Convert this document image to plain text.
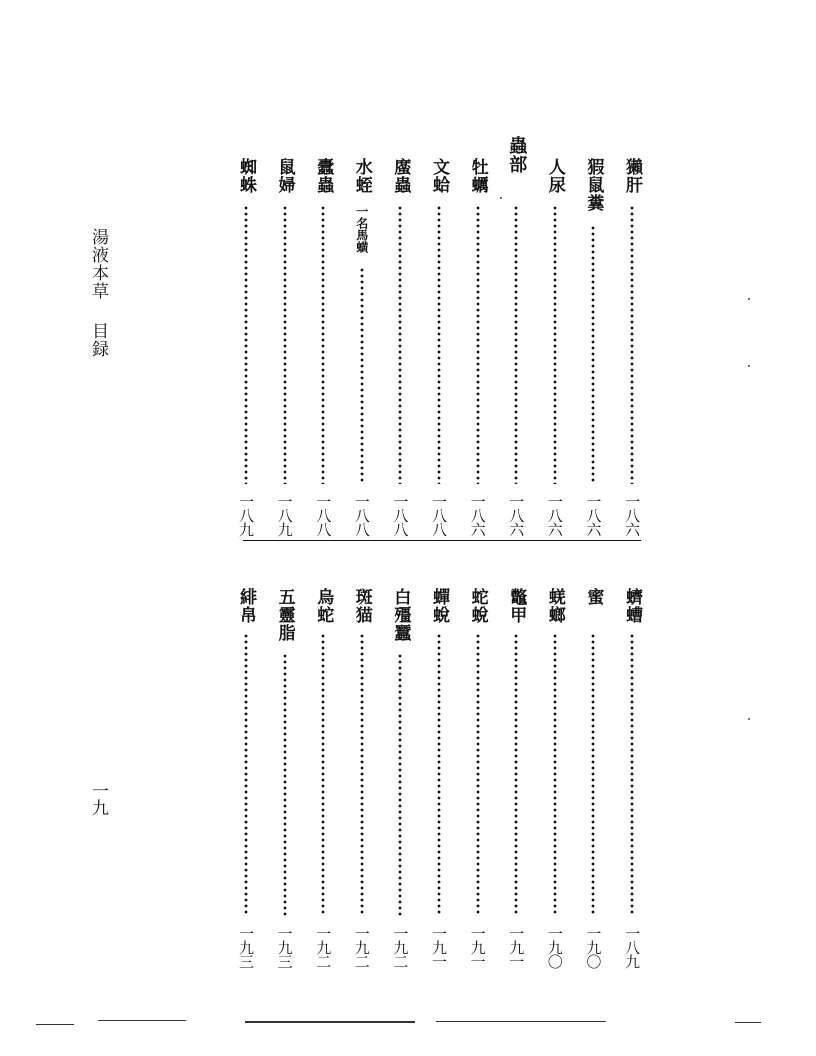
湯液本草目録
一九
獺肝
一八六
猳鼠糞
一八六
人尿
一八六
蟲部
一八六
牡蠣
一八六
文蛤
一八八
䗪蟲
一八八
水蛭
一名馬蟥
一八八
蠹蟲
一八八
鼠婦
一八九
蜘蛛
一八九
蠐螬
一八九
蜜
一九〇
蜣螂
一九〇
鼈甲
一九一
蛇蛻
一九一
蟬蛻
一九一
白殭蠶
一九二
斑猫
一九二
烏蛇
一九二
五靈脂
一九三
緋帛
一九三
